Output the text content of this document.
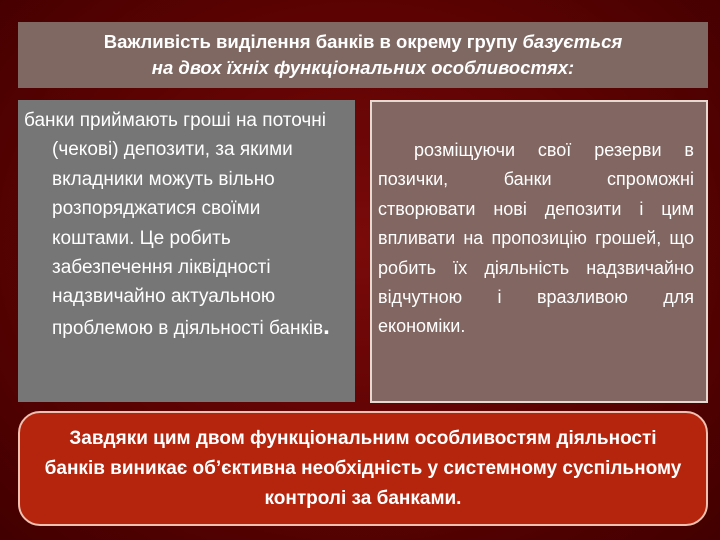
Важливість виділення банків в окрему групу базується
на двох їхніх функціональних особливостях:
банки приймають гроші на поточні (чекові) депозити, за якими вкладники можуть вільно розпоряджатися своїми коштами. Це робить забезпечення ліквідності надзвичайно актуальною проблемою в діяльності банків.
розміщуючи свої резерви в позички, банки спроможні створювати нові депозити і цим впливати на пропозицію грошей, що робить їх діяльність надзвичайно відчутною і вразливою для економіки.
Завдяки цим двом функціональним особливостям діяльності банків виникає об’єктивна необхідність у системному суспільному контролі за банками.
